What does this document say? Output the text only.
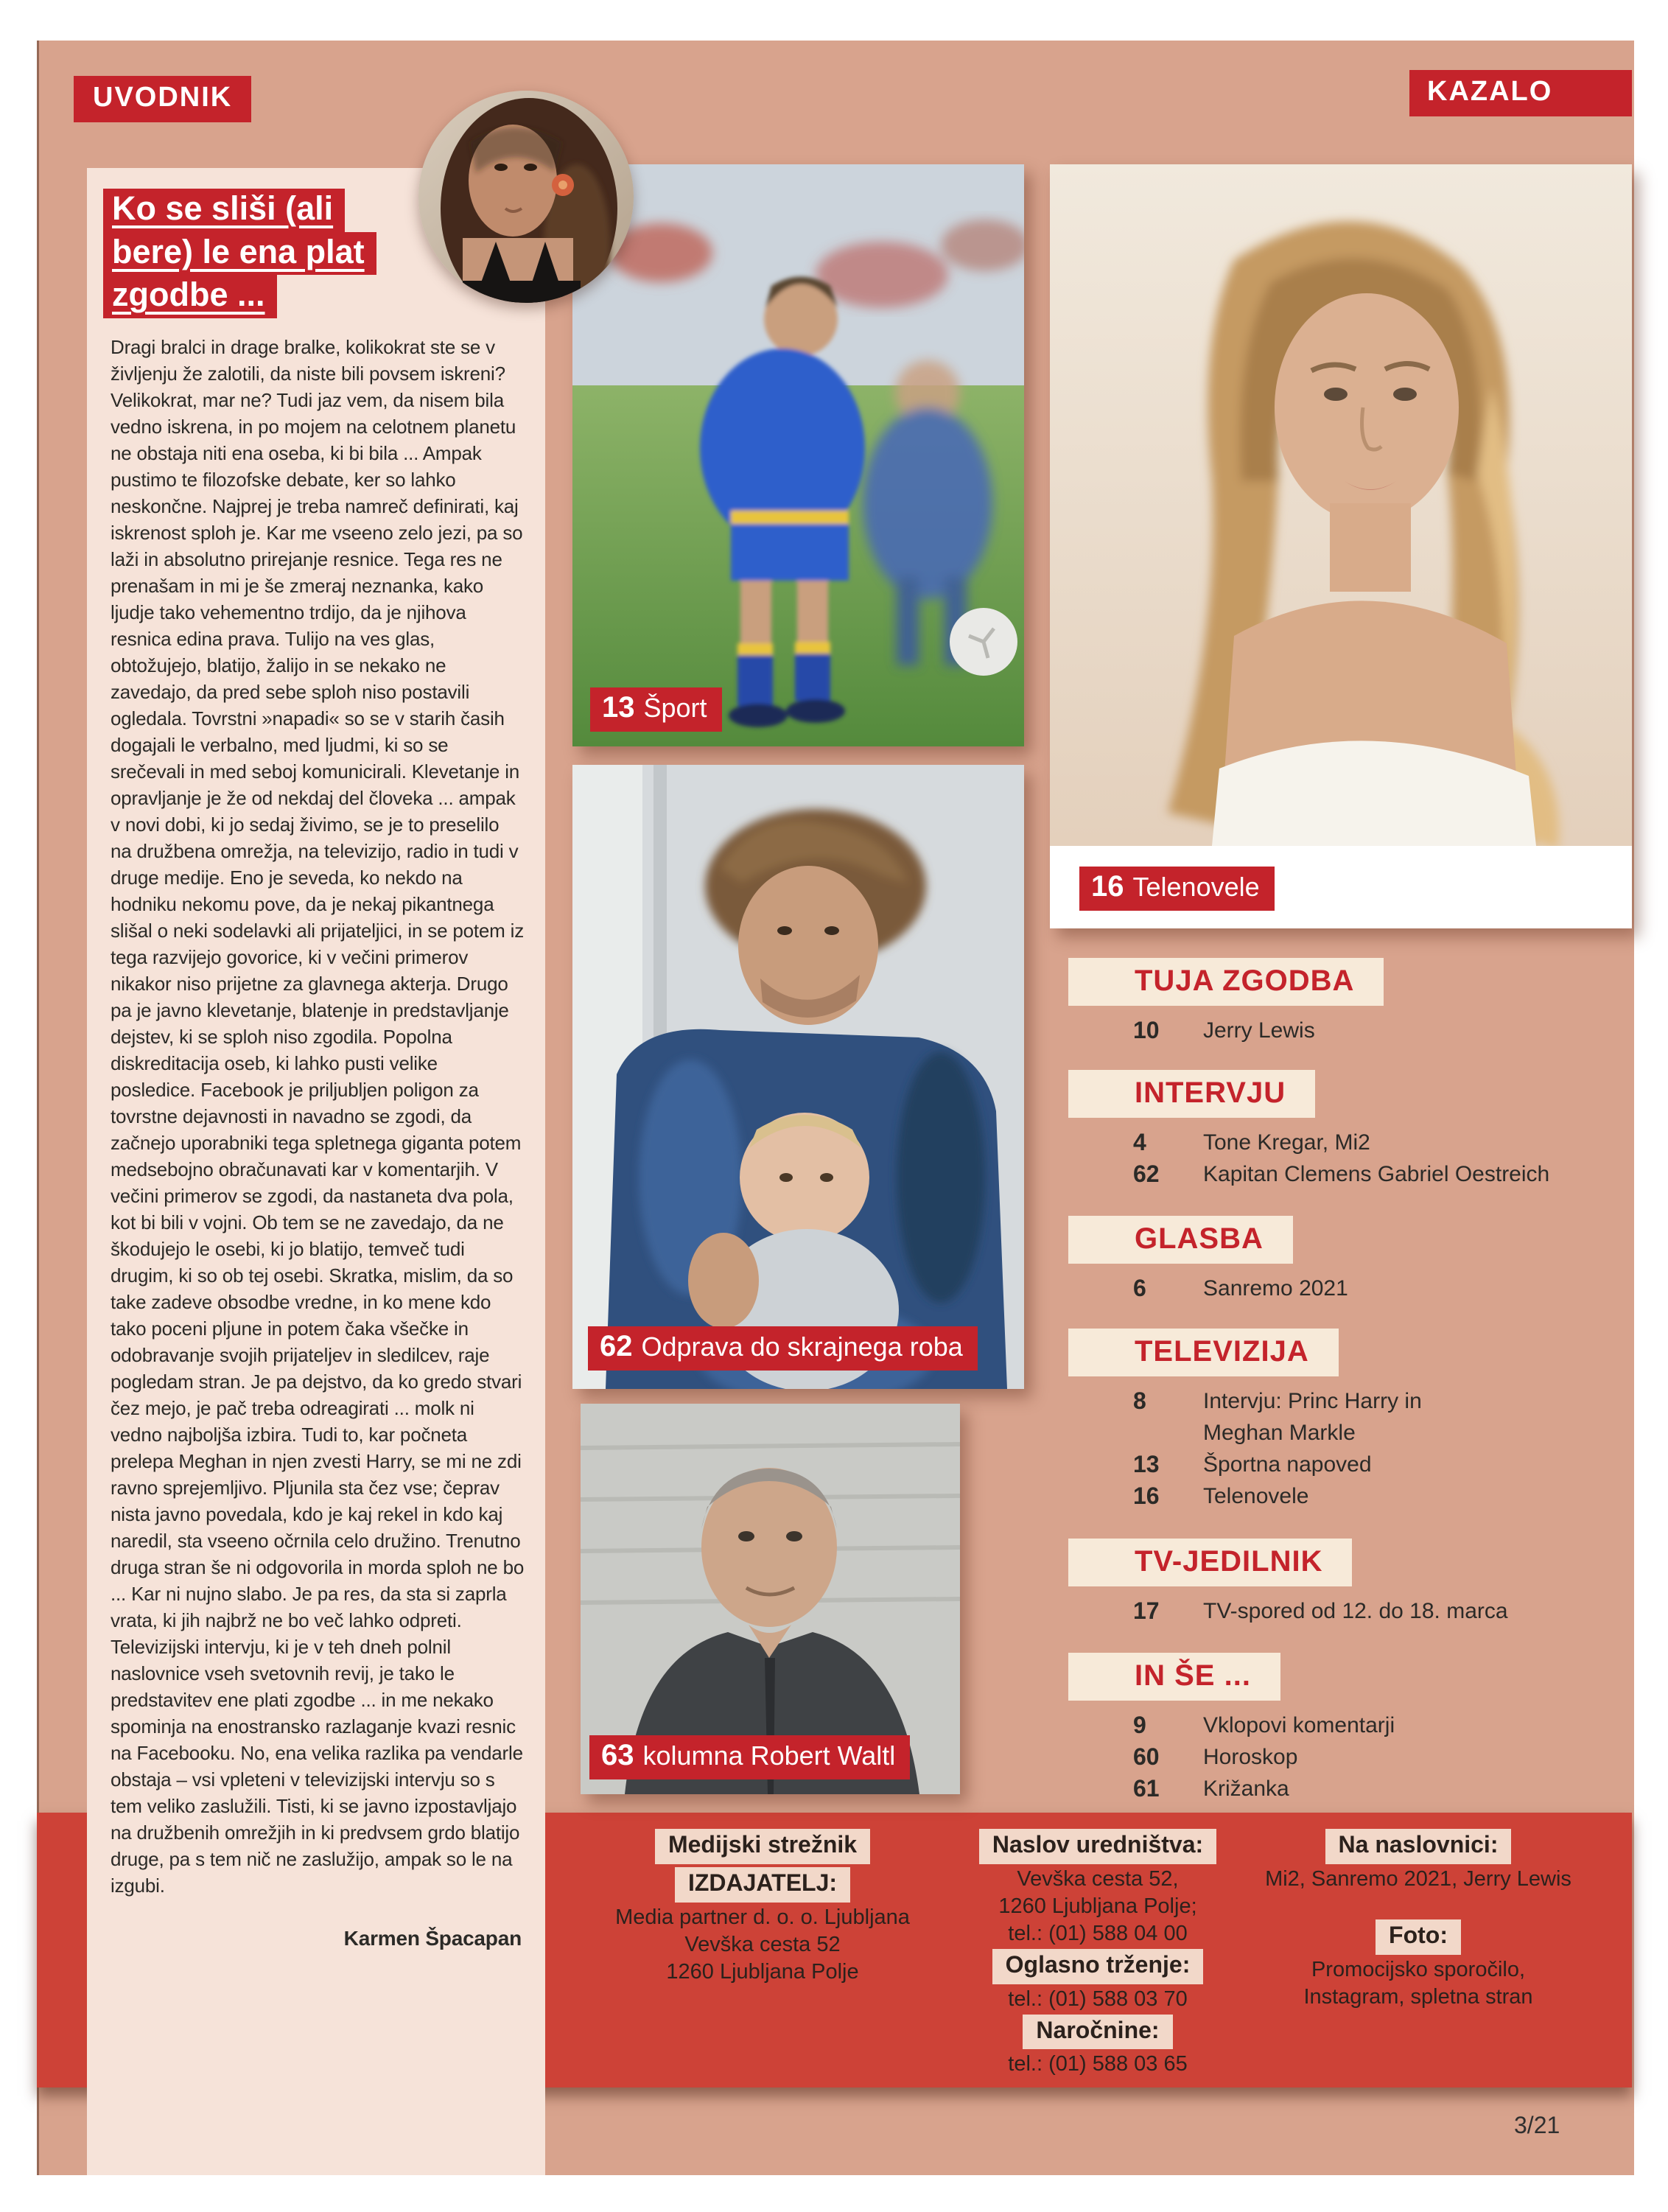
UVODNIK	KAZALO
Ko se sliši (ali
bere) le ena plat
zgodbe ...
Dragi bralci in drage bralke, kolikokrat ste se v življenju že zalotili, da niste bili povsem iskreni? Velikokrat, mar ne? Tudi jaz vem, da nisem bila vedno iskrena, in po mojem na celotnem planetu ne obstaja niti ena oseba, ki bi bila ... Ampak pustimo te filozofske debate, ker so lahko neskončne. Najprej je treba namreč definirati, kaj iskrenost sploh je. Kar me vseeno zelo jezi, pa so laži in absolutno prirejanje resnice. Tega res ne prenašam in mi je še zmeraj neznanka, kako ljudje tako vehementno trdijo, da je njihova resnica edina prava. Tulijo na ves glas, obtožujejo, blatijo, žalijo in se nekako ne zavedajo, da pred sebe sploh niso postavili ogledala. Tovrstni »napadi« so se v starih časih dogajali le verbalno, med ljudmi, ki so se srečevali in med seboj komunicirali. Klevetanje in opravljanje je že od nekdaj del človeka ... ampak v novi dobi, ki jo sedaj živimo, se je to preselilo na družbena omrežja, na televizijo, radio in tudi v druge medije. Eno je seveda, ko nekdo na hodniku nekomu pove, da je nekaj pikantnega slišal o neki sodelavki ali prijateljici, in se potem iz tega razvijejo govorice, ki v večini primerov nikakor niso prijetne za glavnega akterja. Drugo pa je javno klevetanje, blatenje in predstavljanje dejstev, ki se sploh niso zgodila. Popolna diskreditacija oseb, ki lahko pusti velike posledice. Facebook je priljubljen poligon za tovrstne dejavnosti in navadno se zgodi, da začnejo uporabniki tega spletnega giganta potem medsebojno obračunavati kar v komentarjih. V večini primerov se zgodi, da nastaneta dva pola, kot bi bili v vojni. Ob tem se ne zavedajo, da ne škodujejo le osebi, ki jo blatijo, temveč tudi drugim, ki so ob tej osebi. Skratka, mislim, da so take zadeve obsodbe vredne, in ko mene kdo tako poceni pljune in potem čaka všečke in odobravanje svojih prijateljev in sledilcev, raje pogledam stran. Je pa dejstvo, da ko gredo stvari čez mejo, je pač treba odreagirati ... molk ni vedno najboljša izbira. Tudi to, kar počneta prelepa Meghan in njen zvesti Harry, se mi ne zdi ravno sprejemljivo. Pljunila sta čez vse; čeprav nista javno povedala, kdo je kaj rekel in kdo kaj naredil, sta vseeno očrnila celo družino. Trenutno druga stran še ni odgovorila in morda sploh ne bo ... Kar ni nujno slabo. Je pa res, da sta si zaprla vrata, ki jih najbrž ne bo več lahko odpreti. Televizijski intervju, ki je v teh dneh polnil naslovnice vseh svetovnih revij, je tako le predstavitev ene plati zgodbe ... in me nekako spominja na enostransko razlaganje kvazi resnic na Facebooku. No, ena velika razlika pa vendarle obstaja – vsi vpleteni v televizijski intervju so s tem veliko zaslužili. Tisti, ki se javno izpostavljajo na družbenih omrežjih in ki predvsem grdo blatijo druge, pa s tem nič ne zaslužijo, ampak so le na izgubi.
Karmen Špacapan
13 Šport
62 Odprava do skrajnega roba
63 kolumna Robert Waltl
16 Telenovele
TUJA ZGODBA
10	Jerry Lewis
INTERVJU
4	Tone Kregar, Mi2
62	Kapitan Clemens Gabriel Oestreich
GLASBA
6	Sanremo 2021
TELEVIZIJA
8	Intervju: Princ Harry in Meghan Markle
13	Športna napoved
16	Telenovele
TV-JEDILNIK
17	TV-spored od 12. do 18. marca
IN ŠE ...
9	Vklopovi komentarji
60	Horoskop
61	Križanka
Medijski strežnik
IZDAJATELJ:
Media partner d. o. o. Ljubljana
Vevška cesta 52
1260 Ljubljana Polje
Naslov uredništva:
Vevška cesta 52,
1260 Ljubljana Polje;
tel.: (01) 588 04 00
Oglasno trženje:
tel.: (01) 588 03 70
Naročnine:
tel.: (01) 588 03 65
Na naslovnici:
Mi2, Sanremo 2021, Jerry Lewis
Foto:
Promocijsko sporočilo,
Instagram, spletna stran
3/21
